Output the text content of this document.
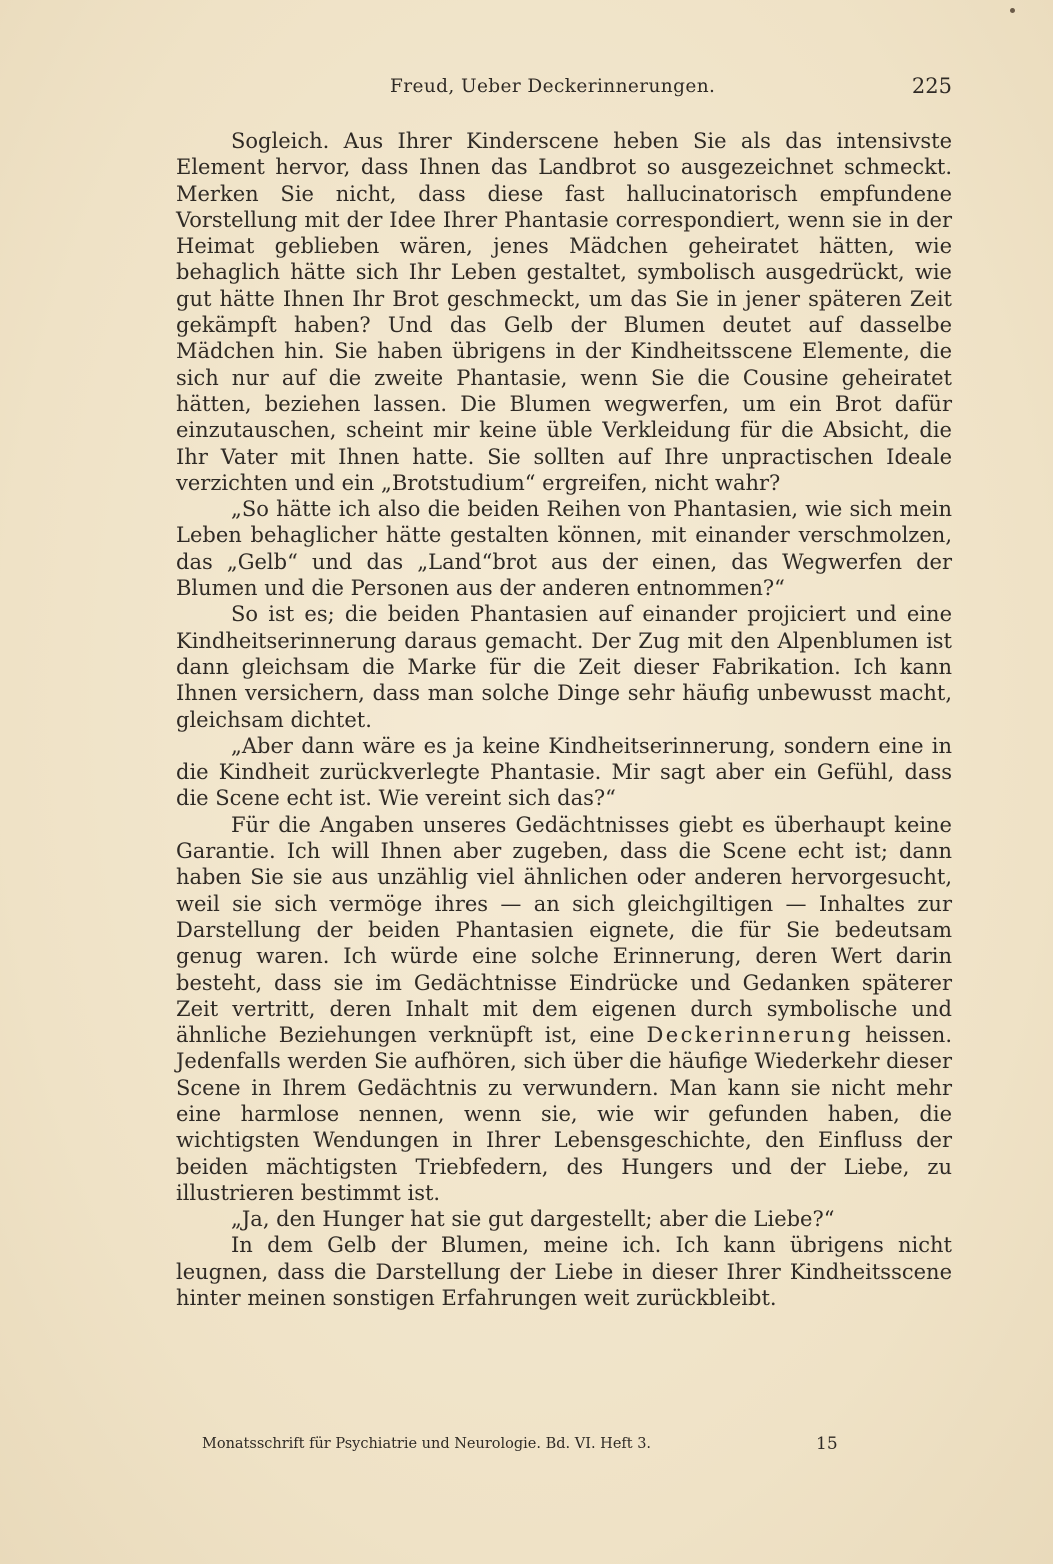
Freud, Ueber Deckerinnerungen.	225

Sogleich. Aus Ihrer Kinderscene heben Sie als das intensivste Element hervor, dass Ihnen das Landbrot so ausgezeichnet schmeckt. Merken Sie nicht, dass diese fast hallucinatorisch empfundene Vorstellung mit der Idee Ihrer Phantasie correspondiert, wenn sie in der Heimat geblieben wären, jenes Mädchen geheiratet hätten, wie behaglich hätte sich Ihr Leben gestaltet, symbolisch ausgedrückt, wie gut hätte Ihnen Ihr Brot geschmeckt, um das Sie in jener späteren Zeit gekämpft haben? Und das Gelb der Blumen deutet auf dasselbe Mädchen hin. Sie haben übrigens in der Kindheitsscene Elemente, die sich nur auf die zweite Phantasie, wenn Sie die Cousine geheiratet hätten, beziehen lassen. Die Blumen wegwerfen, um ein Brot dafür einzutauschen, scheint mir keine üble Verkleidung für die Absicht, die Ihr Vater mit Ihnen hatte. Sie sollten auf Ihre unpractischen Ideale verzichten und ein „Brotstudium“ ergreifen, nicht wahr?

„So hätte ich also die beiden Reihen von Phantasien, wie sich mein Leben behaglicher hätte gestalten können, mit einander verschmolzen, das „Gelb“ und das „Land“brot aus der einen, das Wegwerfen der Blumen und die Personen aus der anderen entnommen?“

So ist es; die beiden Phantasien auf einander projiciert und eine Kindheitserinnerung daraus gemacht. Der Zug mit den Alpenblumen ist dann gleichsam die Marke für die Zeit dieser Fabrikation. Ich kann Ihnen versichern, dass man solche Dinge sehr häufig unbewusst macht, gleichsam dichtet.

„Aber dann wäre es ja keine Kindheitserinnerung, sondern eine in die Kindheit zurückverlegte Phantasie. Mir sagt aber ein Gefühl, dass die Scene echt ist. Wie vereint sich das?“

Für die Angaben unseres Gedächtnisses giebt es überhaupt keine Garantie. Ich will Ihnen aber zugeben, dass die Scene echt ist; dann haben Sie sie aus unzählig viel ähnlichen oder anderen hervorgesucht, weil sie sich vermöge ihres — an sich gleichgiltigen — Inhaltes zur Darstellung der beiden Phantasien eignete, die für Sie bedeutsam genug waren. Ich würde eine solche Erinnerung, deren Wert darin besteht, dass sie im Gedächtnisse Eindrücke und Gedanken späterer Zeit vertritt, deren Inhalt mit dem eigenen durch symbolische und ähnliche Beziehungen verknüpft ist, eine Deckerinnerung heissen. Jedenfalls werden Sie aufhören, sich über die häufige Wiederkehr dieser Scene in Ihrem Gedächtnis zu verwundern. Man kann sie nicht mehr eine harmlose nennen, wenn sie, wie wir gefunden haben, die wichtigsten Wendungen in Ihrer Lebensgeschichte, den Einfluss der beiden mächtigsten Triebfedern, des Hungers und der Liebe, zu illustrieren bestimmt ist.

„Ja, den Hunger hat sie gut dargestellt; aber die Liebe?“

In dem Gelb der Blumen, meine ich. Ich kann übrigens nicht leugnen, dass die Darstellung der Liebe in dieser Ihrer Kindheitsscene hinter meinen sonstigen Erfahrungen weit zurückbleibt.

Monatsschrift für Psychiatrie und Neurologie. Bd. VI. Heft 3.	15
